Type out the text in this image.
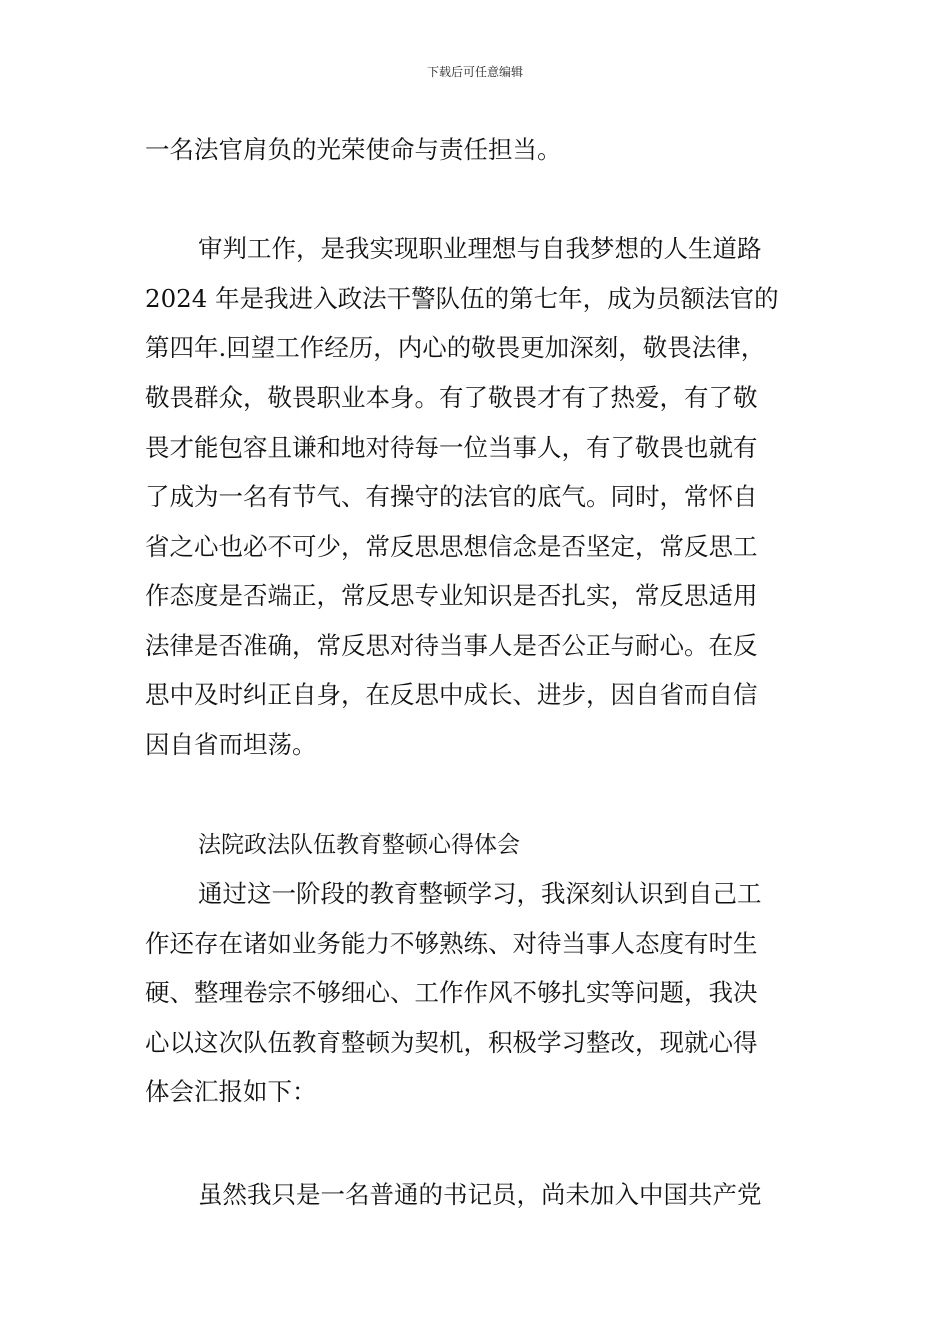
下载后可任意编辑
一名法官肩负的光荣使命与责任担当。
审判工作，是我实现职业理想与自我梦想的人生道路
2024 年是我进入政法干警队伍的第七年，成为员额法官的
第四年.回望工作经历，内心的敬畏更加深刻，敬畏法律，
敬畏群众，敬畏职业本身。有了敬畏才有了热爱，有了敬
畏才能包容且谦和地对待每一位当事人，有了敬畏也就有
了成为一名有节气、有操守的法官的底气。同时，常怀自
省之心也必不可少，常反思思想信念是否坚定，常反思工
作态度是否端正，常反思专业知识是否扎实，常反思适用
法律是否准确，常反思对待当事人是否公正与耐心。在反
思中及时纠正自身，在反思中成长、进步，因自省而自信
因自省而坦荡。
法院政法队伍教育整顿心得体会
通过这一阶段的教育整顿学习，我深刻认识到自己工
作还存在诸如业务能力不够熟练、对待当事人态度有时生
硬、整理卷宗不够细心、工作作风不够扎实等问题，我决
心以这次队伍教育整顿为契机，积极学习整改，现就心得
体会汇报如下：
虽然我只是一名普通的书记员，尚未加入中国共产党
